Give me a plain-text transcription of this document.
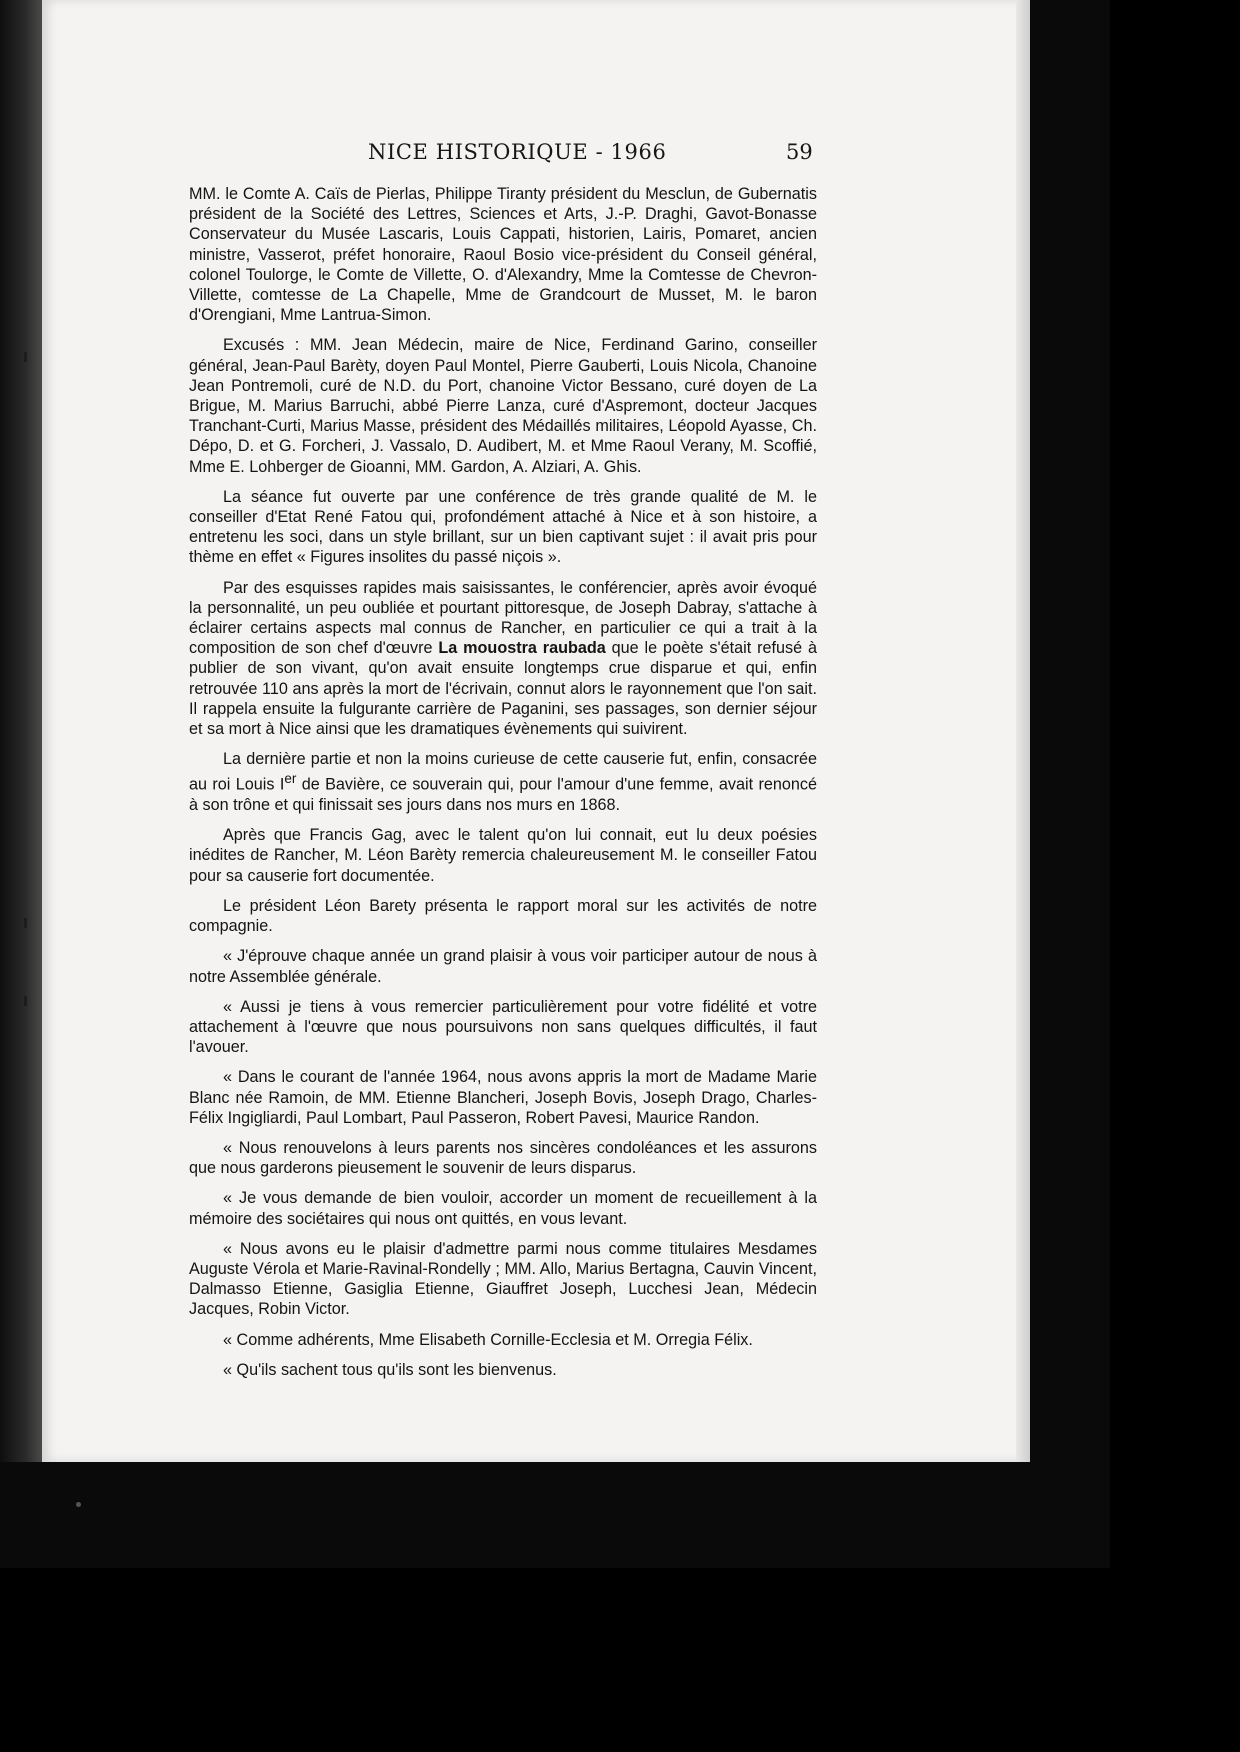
NICE HISTORIQUE - 1966	59

MM. le Comte A. Caïs de Pierlas, Philippe Tiranty président du Mesclun, de Gubernatis président de la Société des Lettres, Sciences et Arts, J.-P. Draghi, Gavot-Bonasse Conservateur du Musée Lascaris, Louis Cappati, historien, Lairis, Pomaret, ancien ministre, Vasserot, préfet honoraire, Raoul Bosio vice-président du Conseil général, colonel Toulorge, le Comte de Villette, O. d'Alexandry, Mme la Comtesse de Chevron-Villette, comtesse de La Chapelle, Mme de Grandcourt de Musset, M. le baron d'Orengiani, Mme Lantrua-Simon.

Excusés : MM. Jean Médecin, maire de Nice, Ferdinand Garino, conseiller général, Jean-Paul Barèty, doyen Paul Montel, Pierre Gauberti, Louis Nicola, Chanoine Jean Pontremoli, curé de N.D. du Port, chanoine Victor Bessano, curé doyen de La Brigue, M. Marius Barruchi, abbé Pierre Lanza, curé d'Aspremont, docteur Jacques Tranchant-Curti, Marius Masse, président des Médaillés militaires, Léopold Ayasse, Ch. Dépo, D. et G. Forcheri, J. Vassalo, D. Audibert, M. et Mme Raoul Verany, M. Scoffié, Mme E. Lohberger de Gioanni, MM. Gardon, A. Alziari, A. Ghis.

La séance fut ouverte par une conférence de très grande qualité de M. le conseiller d'Etat René Fatou qui, profondément attaché à Nice et à son histoire, a entretenu les soci, dans un style brillant, sur un bien captivant sujet : il avait pris pour thème en effet « Figures insolites du passé niçois ».

Par des esquisses rapides mais saisissantes, le conférencier, après avoir évoqué la personnalité, un peu oubliée et pourtant pittoresque, de Joseph Dabray, s'attache à éclairer certains aspects mal connus de Rancher, en particulier ce qui a trait à la composition de son chef d'œuvre La mouostra raubada que le poète s'était refusé à publier de son vivant, qu'on avait ensuite longtemps crue disparue et qui, enfin retrouvée 110 ans après la mort de l'écrivain, connut alors le rayonnement que l'on sait. Il rappela ensuite la fulgurante carrière de Paganini, ses passages, son dernier séjour et sa mort à Nice ainsi que les dramatiques évènements qui suivirent.

La dernière partie et non la moins curieuse de cette causerie fut, enfin, consacrée au roi Louis Ier de Bavière, ce souverain qui, pour l'amour d'une femme, avait renoncé à son trône et qui finissait ses jours dans nos murs en 1868.

Après que Francis Gag, avec le talent qu'on lui connait, eut lu deux poésies inédites de Rancher, M. Léon Barèty remercia chaleureusement M. le conseiller Fatou pour sa causerie fort documentée.

Le président Léon Barety présenta le rapport moral sur les activités de notre compagnie.

« J'éprouve chaque année un grand plaisir à vous voir participer autour de nous à notre Assemblée générale.

« Aussi je tiens à vous remercier particulièrement pour votre fidélité et votre attachement à l'œuvre que nous poursuivons non sans quelques difficultés, il faut l'avouer.

« Dans le courant de l'année 1964, nous avons appris la mort de Madame Marie Blanc née Ramoin, de MM. Etienne Blancheri, Joseph Bovis, Joseph Drago, Charles-Félix Ingigliardi, Paul Lombart, Paul Passeron, Robert Pavesi, Maurice Randon.

« Nous renouvelons à leurs parents nos sincères condoléances et les assurons que nous garderons pieusement le souvenir de leurs disparus.

« Je vous demande de bien vouloir, accorder un moment de recueillement à la mémoire des sociétaires qui nous ont quittés, en vous levant.

« Nous avons eu le plaisir d'admettre parmi nous comme titulaires Mesdames Auguste Vérola et Marie-Ravinal-Rondelly ; MM. Allo, Marius Bertagna, Cauvin Vincent, Dalmasso Etienne, Gasiglia Etienne, Giauffret Joseph, Lucchesi Jean, Médecin Jacques, Robin Victor.

« Comme adhérents, Mme Elisabeth Cornille-Ecclesia et M. Orregia Félix.

« Qu'ils sachent tous qu'ils sont les bienvenus.
